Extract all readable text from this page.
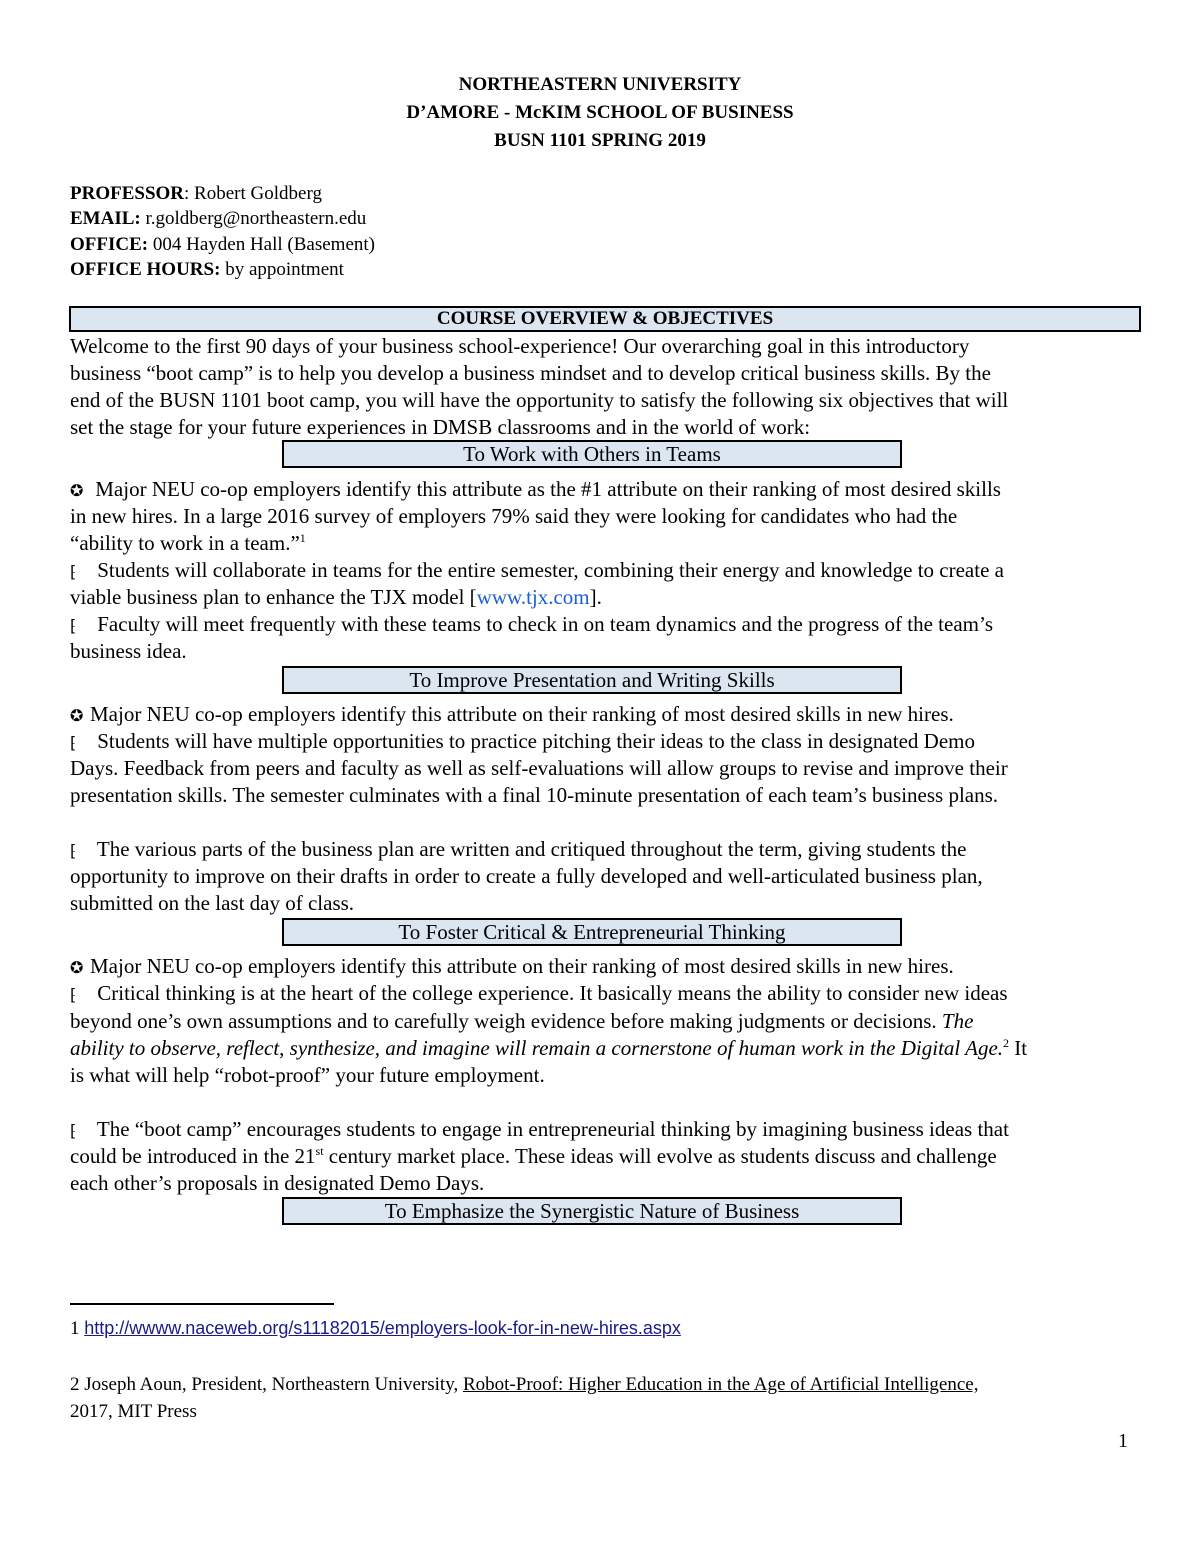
NORTHEASTERN UNIVERSITY
D’AMORE - McKIM SCHOOL OF BUSINESS
BUSN 1101 SPRING 2019
PROFESSOR: Robert Goldberg
EMAIL: r.goldberg@northeastern.edu
OFFICE: 004 Hayden Hall (Basement)
OFFICE HOURS: by appointment
COURSE OVERVIEW & OBJECTIVES
Welcome to the first 90 days of your business school-experience! Our overarching goal in this introductory
business “boot camp” is to help you develop a business mindset and to develop critical business skills. By the
end of the BUSN 1101 boot camp, you will have the opportunity to satisfy the following six objectives that will
set the stage for your future experiences in DMSB classrooms and in the world of work:
To Work with Others in Teams
✪ Major NEU co-op employers identify this attribute as the #1 attribute on their ranking of most desired skills
in new hires. In a large 2016 survey of employers 79% said they were looking for candidates who had the
“ability to work in a team.”$^1$
⁅ Students will collaborate in teams for the entire semester, combining their energy and knowledge to create a
viable business plan to enhance the TJX model [www.tjx.com].
⁅ Faculty will meet frequently with these teams to check in on team dynamics and the progress of the team’s
business idea.
To Improve Presentation and Writing Skills
✪ Major NEU co-op employers identify this attribute on their ranking of most desired skills in new hires.
⁅ Students will have multiple opportunities to practice pitching their ideas to the class in designated Demo
Days. Feedback from peers and faculty as well as self-evaluations will allow groups to revise and improve their
presentation skills. The semester culminates with a final 10-minute presentation of each team’s business plans.
⁅ The various parts of the business plan are written and critiqued throughout the term, giving students the
opportunity to improve on their drafts in order to create a fully developed and well-articulated business plan,
submitted on the last day of class.
To Foster Critical & Entrepreneurial Thinking
✪ Major NEU co-op employers identify this attribute on their ranking of most desired skills in new hires.
⁅ Critical thinking is at the heart of the college experience. It basically means the ability to consider new ideas
beyond one’s own assumptions and to carefully weigh evidence before making judgments or decisions. The
ability to observe, reflect, synthesize, and imagine will remain a cornerstone of human work in the Digital Age.$^2$ It
is what will help “robot-proof” your future employment.
⁅ The “boot camp” encourages students to engage in entrepreneurial thinking by imagining business ideas that
could be introduced in the 21st century market place. These ideas will evolve as students discuss and challenge
each other’s proposals in designated Demo Days.
To Emphasize the Synergistic Nature of Business
1 http://wwww.naceweb.org/s11182015/employers-look-for-in-new-hires.aspx
2 Joseph Aoun, President, Northeastern University, Robot-Proof: Higher Education in the Age of Artificial Intelligence,
2017, MIT Press
1
